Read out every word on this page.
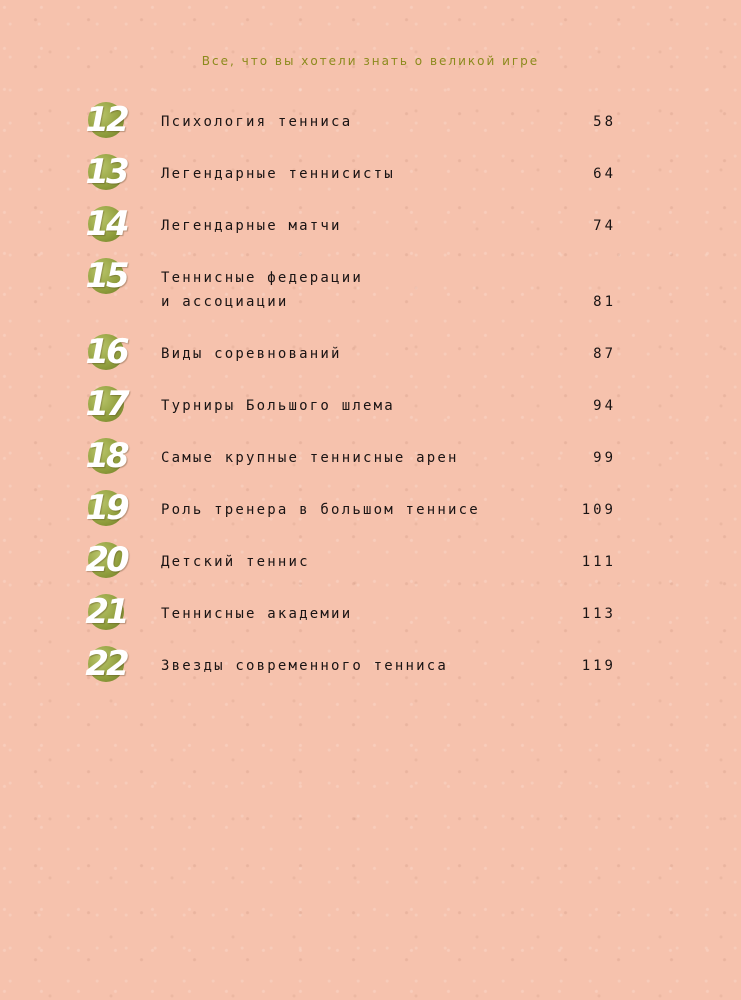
Все, что вы хотели знать о великой игре
12	Психология тенниса	58
13	Легендарные теннисисты	64
14	Легендарные матчи	74
15	Теннисные федерации
и ассоциации	81
16	Виды соревнований	87
17	Турниры Большого шлема	94
18	Самые крупные теннисные арен	99
19	Роль тренера в большом теннисе	109
20	Детский теннис	111
21	Теннисные академии	113
22	Звезды современного тенниса	119
